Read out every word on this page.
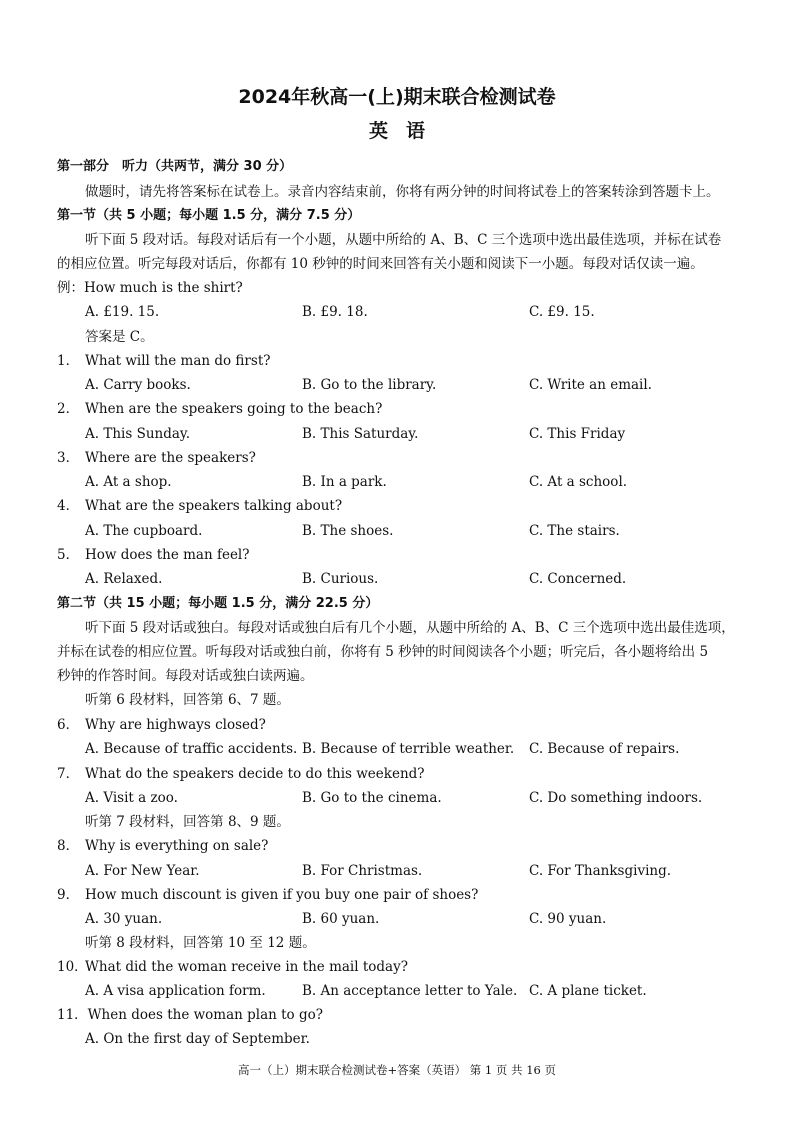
2024年秋高一(上)期末联合检测试卷
英语
第一部分　听力（共两节，满分 30 分）
做题时，请先将答案标在试卷上。录音内容结束前，你将有两分钟的时间将试卷上的答案转涂到答题卡上。
第一节（共 5 小题；每小题 1.5 分，满分 7.5 分）
听下面 5 段对话。每段对话后有一个小题，从题中所给的 A、B、C 三个选项中选出最佳选项，并标在试卷
的相应位置。听完每段对话后，你都有 10 秒钟的时间来回答有关小题和阅读下一小题。每段对话仅读一遍。
例：How much is the shirt?
A. £19. 15.	B. £9. 18.	C. £9. 15.
答案是 C。
1． What will the man do first?
A. Carry books.	B. Go to the library.	C. Write an email.
2． When are the speakers going to the beach?
A. This Sunday.	B. This Saturday.	C. This Friday
3． Where are the speakers?
A. At a shop.	B. In a park.	C. At a school.
4． What are the speakers talking about?
A. The cupboard.	B. The shoes.	C. The stairs.
5． How does the man feel?
A. Relaxed.	B. Curious.	C. Concerned.
第二节（共 15 小题；每小题 1.5 分，满分 22.5 分）
听下面 5 段对话或独白。每段对话或独白后有几个小题，从题中所给的 A、B、C 三个选项中选出最佳选项，
并标在试卷的相应位置。听每段对话或独白前，你将有 5 秒钟的时间阅读各个小题；听完后，各小题将给出 5
秒钟的作答时间。每段对话或独白读两遍。
听第 6 段材料，回答第 6、7 题。
6． Why are highways closed?
A. Because of traffic accidents. B. Because of terrible weather. C. Because of repairs.
7． What do the speakers decide to do this weekend?
A. Visit a zoo.	B. Go to the cinema.	C. Do something indoors.
听第 7 段材料，回答第 8、9 题。
8． Why is everything on sale?
A. For New Year.	B. For Christmas.	C. For Thanksgiving.
9． How much discount is given if you buy one pair of shoes?
A. 30 yuan.	B. 60 yuan.	C. 90 yuan.
听第 8 段材料，回答第 10 至 12 题。
10．
What did the woman receive in the mail today?
A. A visa application form.	B. An acceptance letter to Yale. C. A plane ticket.
11．When does the woman plan to go?
A. On the first day of September.
高一（上）期末联合检测试卷+答案（英语） 第 1 页 共 16 页
